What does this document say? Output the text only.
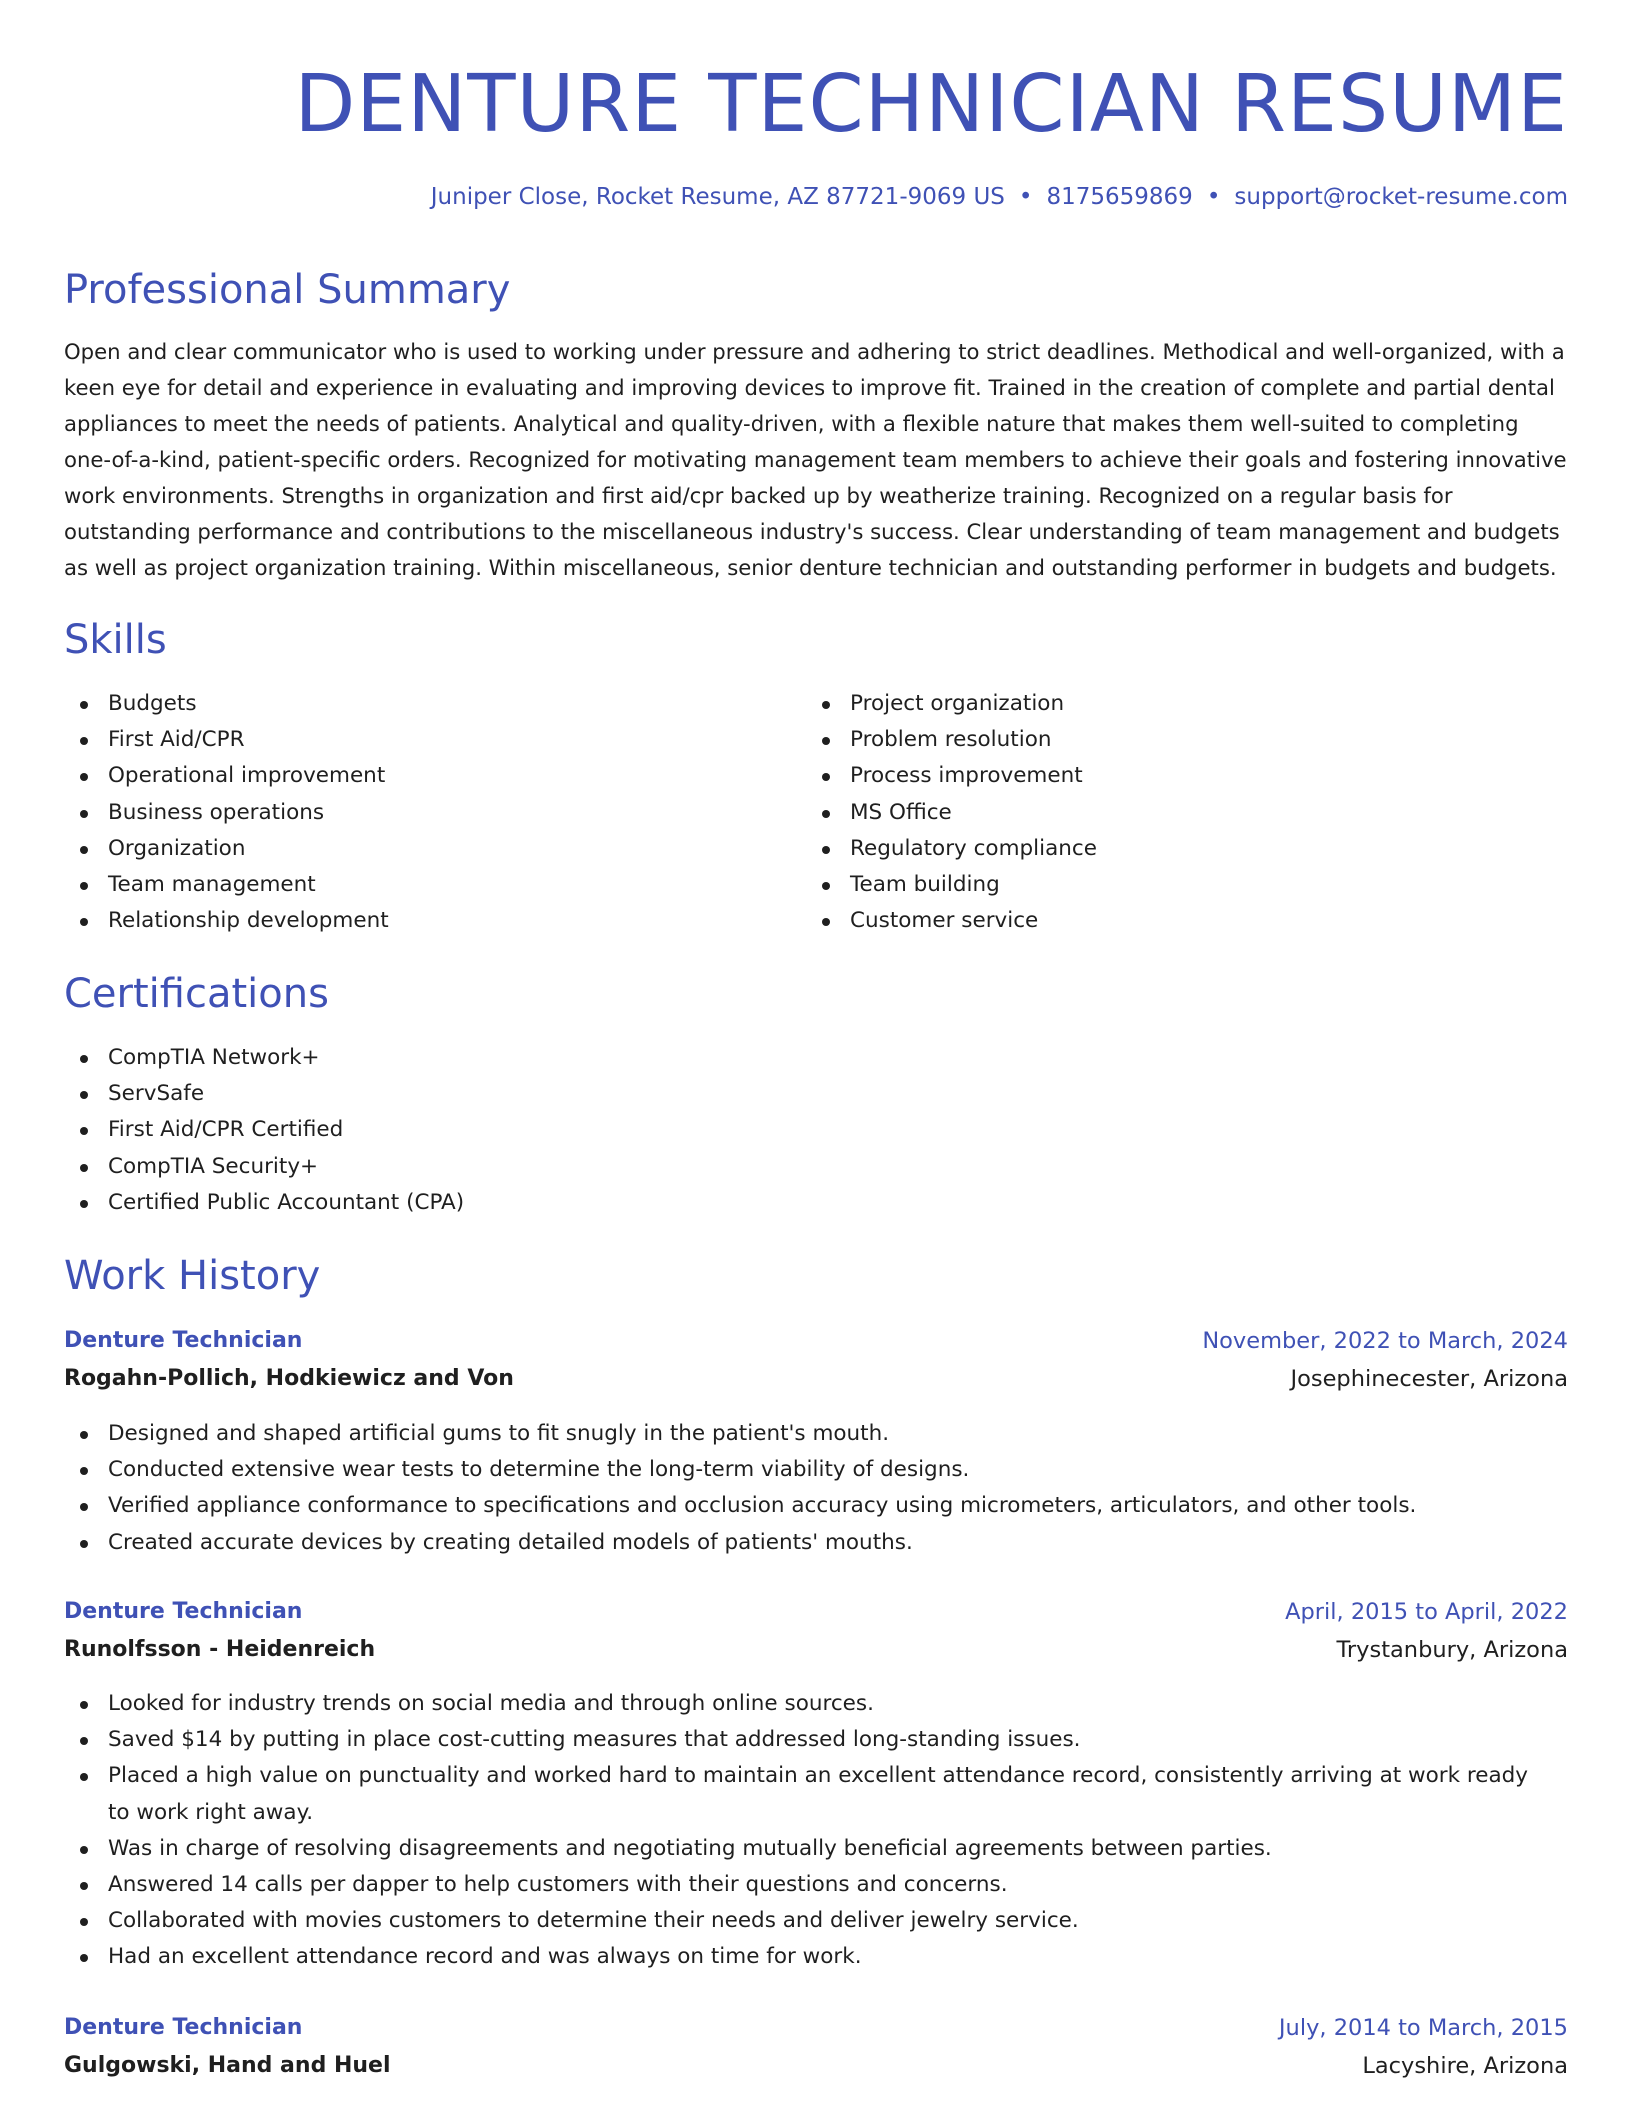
DENTURE TECHNICIAN RESUME
Juniper Close, Rocket Resume, AZ 87721-9069 US • 8175659869 • support@rocket-resume.com
Professional Summary

Open and clear communicator who is used to working under pressure and adhering to strict deadlines. Methodical and well-organized, with a keen eye for detail and experience in evaluating and improving devices to improve fit. Trained in the creation of complete and partial dental appliances to meet the needs of patients. Analytical and quality-driven, with a flexible nature that makes them well-suited to completing one-of-a-kind, patient-specific orders. Recognized for motivating management team members to achieve their goals and fostering innovative work environments. Strengths in organization and first aid/cpr backed up by weatherize training. Recognized on a regular basis for outstanding performance and contributions to the miscellaneous industry's success. Clear understanding of team management and budgets as well as project organization training. Within miscellaneous, senior denture technician and outstanding performer in budgets and budgets.

Skills
Budgets
First Aid/CPR
Operational improvement
Business operations
Organization
Team management
Relationship development
Project organization
Problem resolution
Process improvement
MS Office
Regulatory compliance
Team building
Customer service
Certifications
CompTIA Network+
ServSafe
First Aid/CPR Certified
CompTIA Security+
Certified Public Accountant (CPA)
Work History
Denture Technician	November, 2022 to March, 2024
Rogahn-Pollich, Hodkiewicz and Von	Josephinecester, Arizona
Designed and shaped artificial gums to fit snugly in the patient's mouth.
Conducted extensive wear tests to determine the long-term viability of designs.
Verified appliance conformance to specifications and occlusion accuracy using micrometers, articulators, and other tools.
Created accurate devices by creating detailed models of patients' mouths.
Denture Technician	April, 2015 to April, 2022
Runolfsson - Heidenreich	Trystanbury, Arizona
Looked for industry trends on social media and through online sources.
Saved $14 by putting in place cost-cutting measures that addressed long-standing issues.
Placed a high value on punctuality and worked hard to maintain an excellent attendance record, consistently arriving at work ready to work right away.
Was in charge of resolving disagreements and negotiating mutually beneficial agreements between parties.
Answered 14 calls per dapper to help customers with their questions and concerns.
Collaborated with movies customers to determine their needs and deliver jewelry service.
Had an excellent attendance record and was always on time for work.
Denture Technician	July, 2014 to March, 2015
Gulgowski, Hand and Huel	Lacyshire, Arizona
